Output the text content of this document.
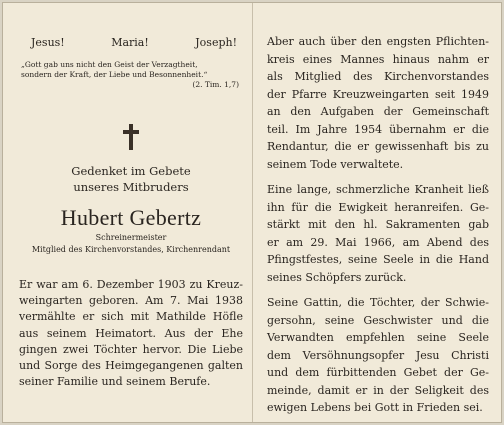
Jesus!	Maria!	Joseph!
„Gott gab uns nicht den Geist der Verzagtheit,
sondern der Kraft, der Liebe und Besonnenheit.“
(2. Tim. 1,7)
Gedenket im Gebete
unseres Mitbruders
Hubert Gebertz
Schreinermeister
Mitglied des Kirchenvorstandes, Kirchenrendant
Er war am 6. Dezember 1903 zu Kreuz-
weingarten geboren. Am 7. Mai 1938
vermählte er sich mit Mathilde Höfle
aus seinem Heimatort. Aus der Ehe
gingen zwei Töchter hervor. Die Liebe
und Sorge des Heimgegangenen galten
seiner Familie und seinem Berufe.

Aber auch über den engsten Pflichten-
kreis eines Mannes hinaus nahm er
als Mitglied des Kirchenvorstandes
der Pfarre Kreuzweingarten seit 1949
an den Aufgaben der Gemeinschaft
teil. Im Jahre 1954 übernahm er die
Rendantur, die er gewissenhaft bis zu
seinem Tode verwaltete.

Eine lange, schmerzliche Kranheit ließ
ihn für die Ewigkeit heranreifen. Ge-
stärkt mit den hl. Sakramenten gab
er am 29. Mai 1966, am Abend des
Pfingstfestes, seine Seele in die Hand
seines Schöpfers zurück.

Seine Gattin, die Töchter, der Schwie-
gersohn, seine Geschwister und die
Verwandten empfehlen seine Seele
dem Versöhnungsopfer Jesu Christi
und dem fürbittenden Gebet der Ge-
meinde, damit er in der Seligkeit des
ewigen Lebens bei Gott in Frieden sei.
